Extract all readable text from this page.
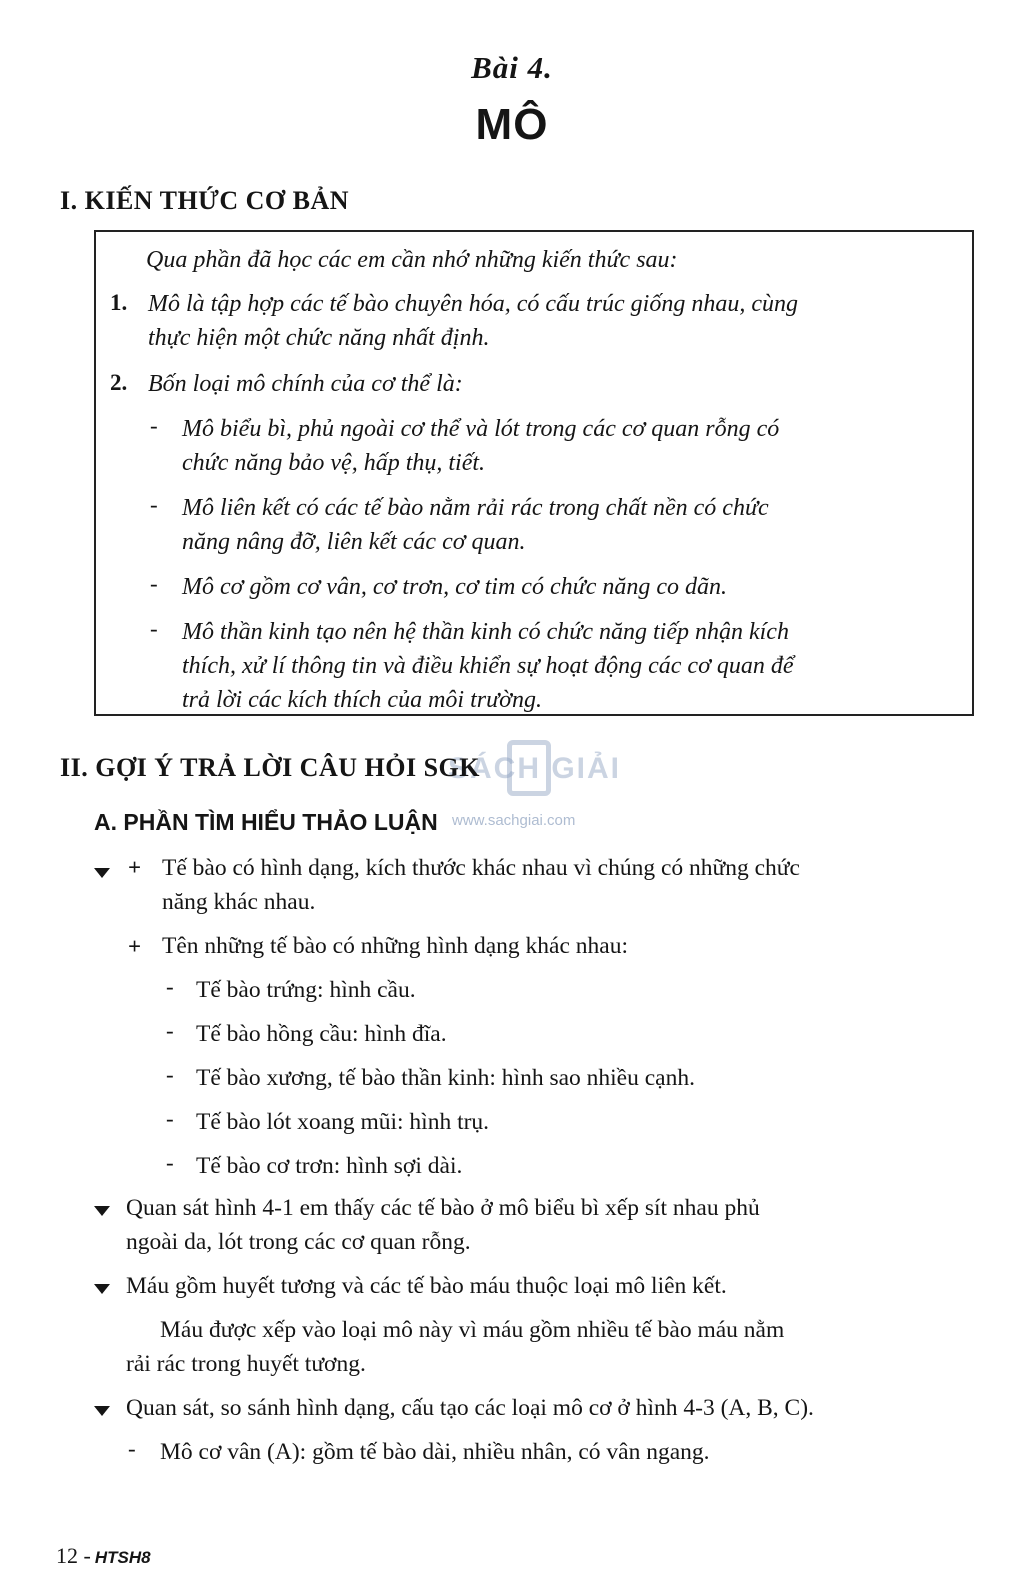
Bài 4.
MÔ
I. KIẾN THỨC CƠ BẢN
Qua phần đã học các em cần nhớ những kiến thức sau:
1. Mô là tập hợp các tế bào chuyên hóa, có cấu trúc giống nhau, cùng
thực hiện một chức năng nhất định.
2. Bốn loại mô chính của cơ thể là:
- Mô biểu bì, phủ ngoài cơ thể và lót trong các cơ quan rỗng có
chức năng bảo vệ, hấp thụ, tiết.
- Mô liên kết có các tế bào nằm rải rác trong chất nền có chức
năng nâng đỡ, liên kết các cơ quan.
- Mô cơ gồm cơ vân, cơ trơn, cơ tim có chức năng co dãn.
- Mô thần kinh tạo nên hệ thần kinh có chức năng tiếp nhận kích
thích, xử lí thông tin và điều khiển sự hoạt động các cơ quan để
trả lời các kích thích của môi trường.
SÁCH GIẢI
www.sachgiai.com
II. GỢI Ý TRẢ LỜI CÂU HỎI SGK
A. PHẦN TÌM HIỂU THẢO LUẬN
+ Tế bào có hình dạng, kích thước khác nhau vì chúng có những chức
năng khác nhau.
+ Tên những tế bào có những hình dạng khác nhau:
- Tế bào trứng: hình cầu.
- Tế bào hồng cầu: hình đĩa.
- Tế bào xương, tế bào thần kinh: hình sao nhiều cạnh.
- Tế bào lót xoang mũi: hình trụ.
- Tế bào cơ trơn: hình sợi dài.
Quan sát hình 4-1 em thấy các tế bào ở mô biểu bì xếp sít nhau phủ
ngoài da, lót trong các cơ quan rỗng.
Máu gồm huyết tương và các tế bào máu thuộc loại mô liên kết.
Máu được xếp vào loại mô này vì máu gồm nhiều tế bào máu nằm
rải rác trong huyết tương.
Quan sát, so sánh hình dạng, cấu tạo các loại mô cơ ở hình 4-3 (A, B, C).
- Mô cơ vân (A): gồm tế bào dài, nhiều nhân, có vân ngang.
12 - HTSH8
